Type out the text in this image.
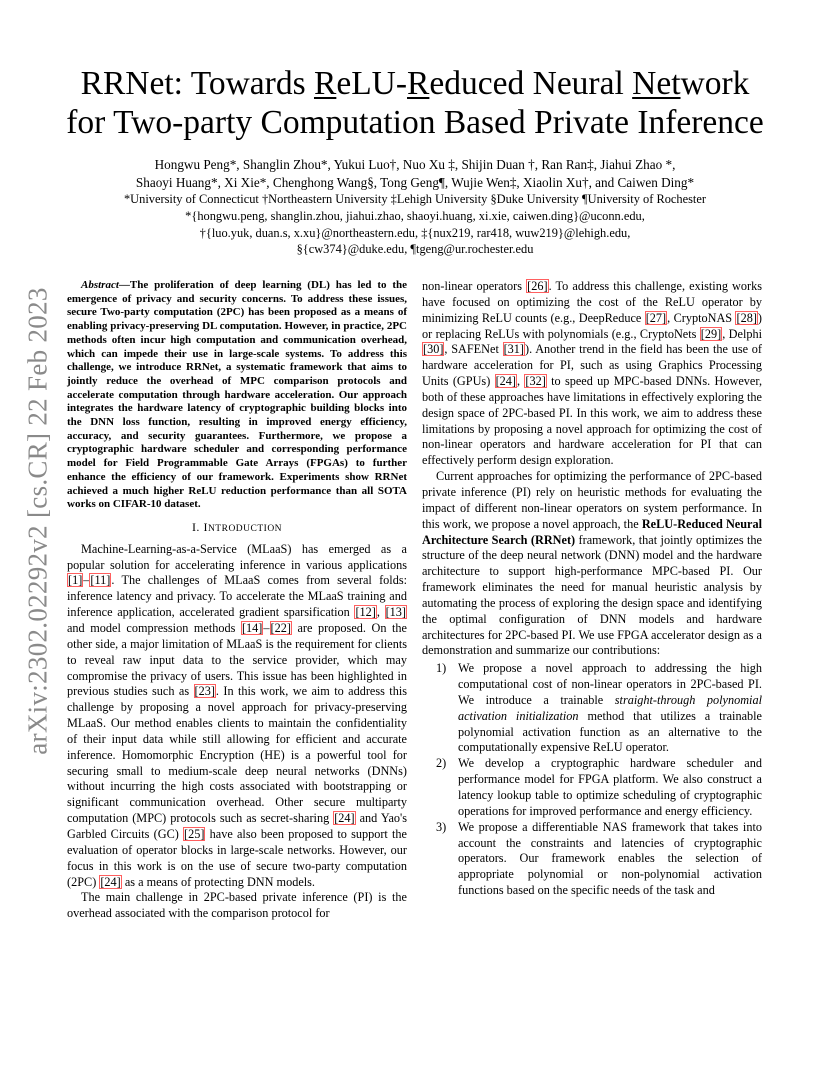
arXiv:2302.02292v2 [cs.CR] 22 Feb 2023
RRNet: Towards ReLU-Reduced Neural Network
for Two-party Computation Based Private Inference
Hongwu Peng*, Shanglin Zhou*, Yukui Luo†, Nuo Xu ‡, Shijin Duan †, Ran Ran‡, Jiahui Zhao *,
Shaoyi Huang*, Xi Xie*, Chenghong Wang§, Tong Geng¶, Wujie Wen‡, Xiaolin Xu†, and Caiwen Ding*
*University of Connecticut †Northeastern University ‡Lehigh University §Duke University ¶University of Rochester
*{hongwu.peng, shanglin.zhou, jiahui.zhao, shaoyi.huang, xi.xie, caiwen.ding}@uconn.edu,
†{luo.yuk, duan.s, x.xu}@northeastern.edu, ‡{nux219, rar418, wuw219}@lehigh.edu,
§{cw374}@duke.edu, ¶tgeng@ur.rochester.edu

Abstract—The proliferation of deep learning (DL) has led to the emergence of privacy and security concerns. To address these issues, secure Two-party computation (2PC) has been proposed as a means of enabling privacy-preserving DL computation. However, in practice, 2PC methods often incur high computation and communication overhead, which can impede their use in large-scale systems. To address this challenge, we introduce RRNet, a systematic framework that aims to jointly reduce the overhead of MPC comparison protocols and accelerate computation through hardware acceleration. Our approach integrates the hardware latency of cryptographic building blocks into the DNN loss function, resulting in improved energy efficiency, accuracy, and security guarantees. Furthermore, we propose a cryptographic hardware scheduler and corresponding performance model for Field Programmable Gate Arrays (FPGAs) to further enhance the efficiency of our framework. Experiments show RRNet achieved a much higher ReLU reduction performance than all SOTA works on CIFAR-10 dataset.

I. INTRODUCTION

Machine-Learning-as-a-Service (MLaaS) has emerged as a popular solution for accelerating inference in various applications [1]–[11]. The challenges of MLaaS comes from several folds: inference latency and privacy. To accelerate the MLaaS training and inference application, accelerated gradient sparsification [12], [13] and model compression methods [14]–[22] are proposed. On the other side, a major limitation of MLaaS is the requirement for clients to reveal raw input data to the service provider, which may compromise the privacy of users. This issue has been highlighted in previous studies such as [23]. In this work, we aim to address this challenge by proposing a novel approach for privacy-preserving MLaaS. Our method enables clients to maintain the confidentiality of their input data while still allowing for efficient and accurate inference. Homomorphic Encryption (HE) is a powerful tool for securing small to medium-scale deep neural networks (DNNs) without incurring the high costs associated with bootstrapping or significant communication overhead. Other secure multiparty computation (MPC) protocols such as secret-sharing [24] and Yao's Garbled Circuits (GC) [25] have also been proposed to support the evaluation of operator blocks in large-scale networks. However, our focus in this work is on the use of secure two-party computation (2PC) [24] as a means of protecting DNN models.

The main challenge in 2PC-based private inference (PI) is the overhead associated with the comparison protocol for

non-linear operators [26]. To address this challenge, existing works have focused on optimizing the cost of the ReLU operator by minimizing ReLU counts (e.g., DeepReduce [27], CryptoNAS [28]) or replacing ReLUs with polynomials (e.g., CryptoNets [29], Delphi [30], SAFENet [31]). Another trend in the field has been the use of hardware acceleration for PI, such as using Graphics Processing Units (GPUs) [24], [32] to speed up MPC-based DNNs. However, both of these approaches have limitations in effectively exploring the design space of 2PC-based PI. In this work, we aim to address these limitations by proposing a novel approach for optimizing the cost of non-linear operators and hardware acceleration for PI that can effectively perform design exploration.

Current approaches for optimizing the performance of 2PC-based private inference (PI) rely on heuristic methods for evaluating the impact of different non-linear operators on system performance. In this work, we propose a novel approach, the ReLU-Reduced Neural Architecture Search (RRNet) framework, that jointly optimizes the structure of the deep neural network (DNN) model and the hardware architecture to support high-performance MPC-based PI. Our framework eliminates the need for manual heuristic analysis by automating the process of exploring the design space and identifying the optimal configuration of DNN models and hardware architectures for 2PC-based PI. We use FPGA accelerator design as a demonstration and summarize our contributions:

1) We propose a novel approach to addressing the high computational cost of non-linear operators in 2PC-based PI. We introduce a trainable straight-through polynomial activation initialization method that utilizes a trainable polynomial activation function as an alternative to the computationally expensive ReLU operator.
2) We develop a cryptographic hardware scheduler and performance model for FPGA platform. We also construct a latency lookup table to optimize scheduling of cryptographic operations for improved performance and energy efficiency.
3) We propose a differentiable NAS framework that takes into account the constraints and latencies of cryptographic operators. Our framework enables the selection of appropriate polynomial or non-polynomial activation functions based on the specific needs of the task and
